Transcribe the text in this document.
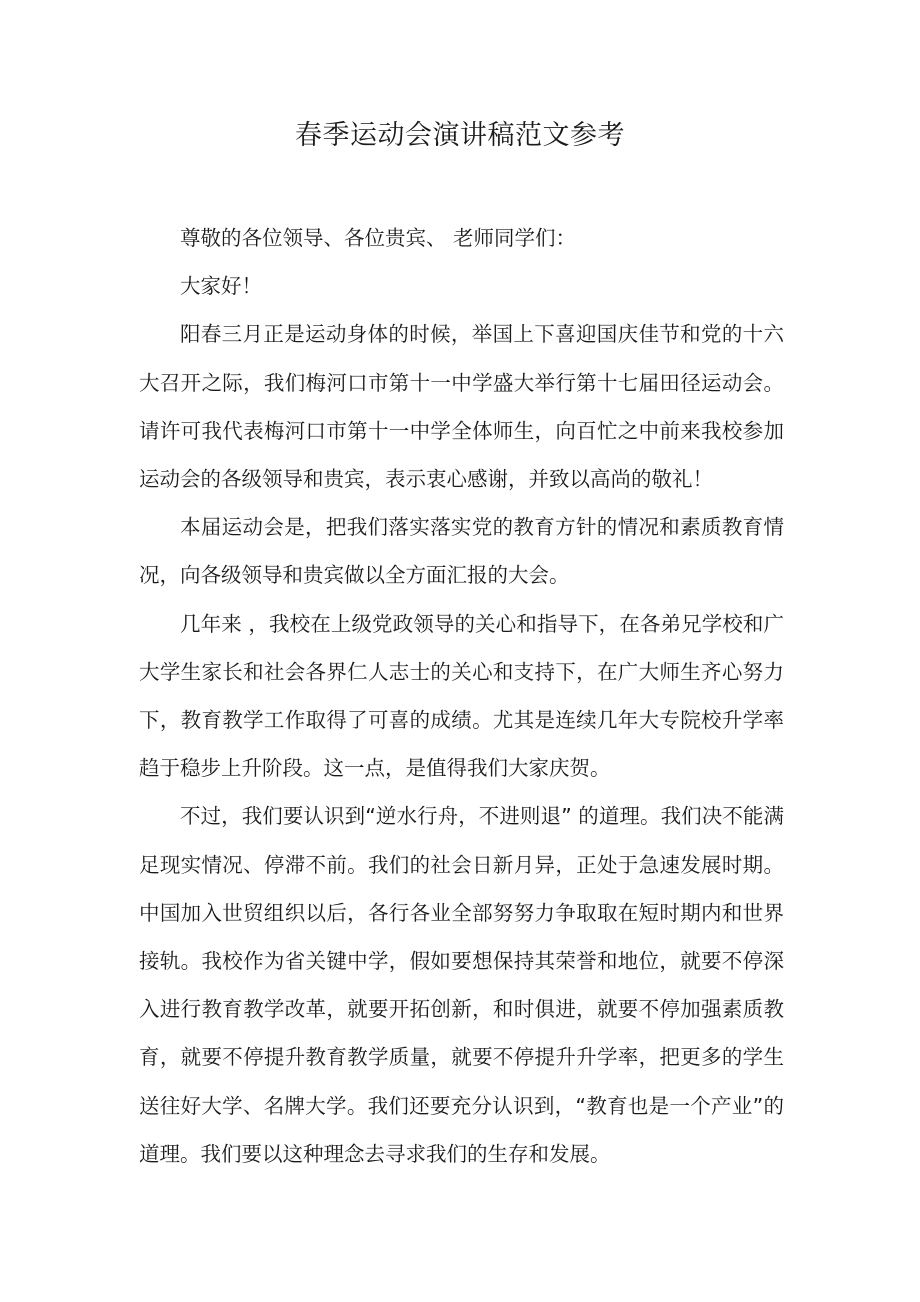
春季运动会演讲稿范文参考

尊敬的各位领导、各位贵宾、 老师同学们：

大家好！

阳春三月正是运动身体的时候，举国上下喜迎国庆佳节和党的十六大召开之际，我们梅河口市第十一中学盛大举行第十七届田径运动会。请许可我代表梅河口市第十一中学全体师生，向百忙之中前来我校参加运动会的各级领导和贵宾，表示衷心感谢，并致以高尚的敬礼！

本届运动会是，把我们落实落实党的教育方针的情况和素质教育情况，向各级领导和贵宾做以全方面汇报的大会。

几年来 ，我校在上级党政领导的关心和指导下，在各弟兄学校和广大学生家长和社会各界仁人志士的关心和支持下，在广大师生齐心努力下，教育教学工作取得了可喜的成绩。尤其是连续几年大专院校升学率趋于稳步上升阶段。这一点，是值得我们大家庆贺。

不过，我们要认识到“逆水行舟，不进则退” 的道理。我们决不能满足现实情况、停滞不前。我们的社会日新月异，正处于急速发展时期。中国加入世贸组织以后，各行各业全部努努力争取取在短时期内和世界接轨。我校作为省关键中学，假如要想保持其荣誉和地位，就要不停深入进行教育教学改革，就要开拓创新，和时俱进，就要不停加强素质教育，就要不停提升教育教学质量，就要不停提升升学率，把更多的学生送往好大学、名牌大学。我们还要充分认识到，“教育也是一个产业”的道理。我们要以这种理念去寻求我们的生存和发展。
